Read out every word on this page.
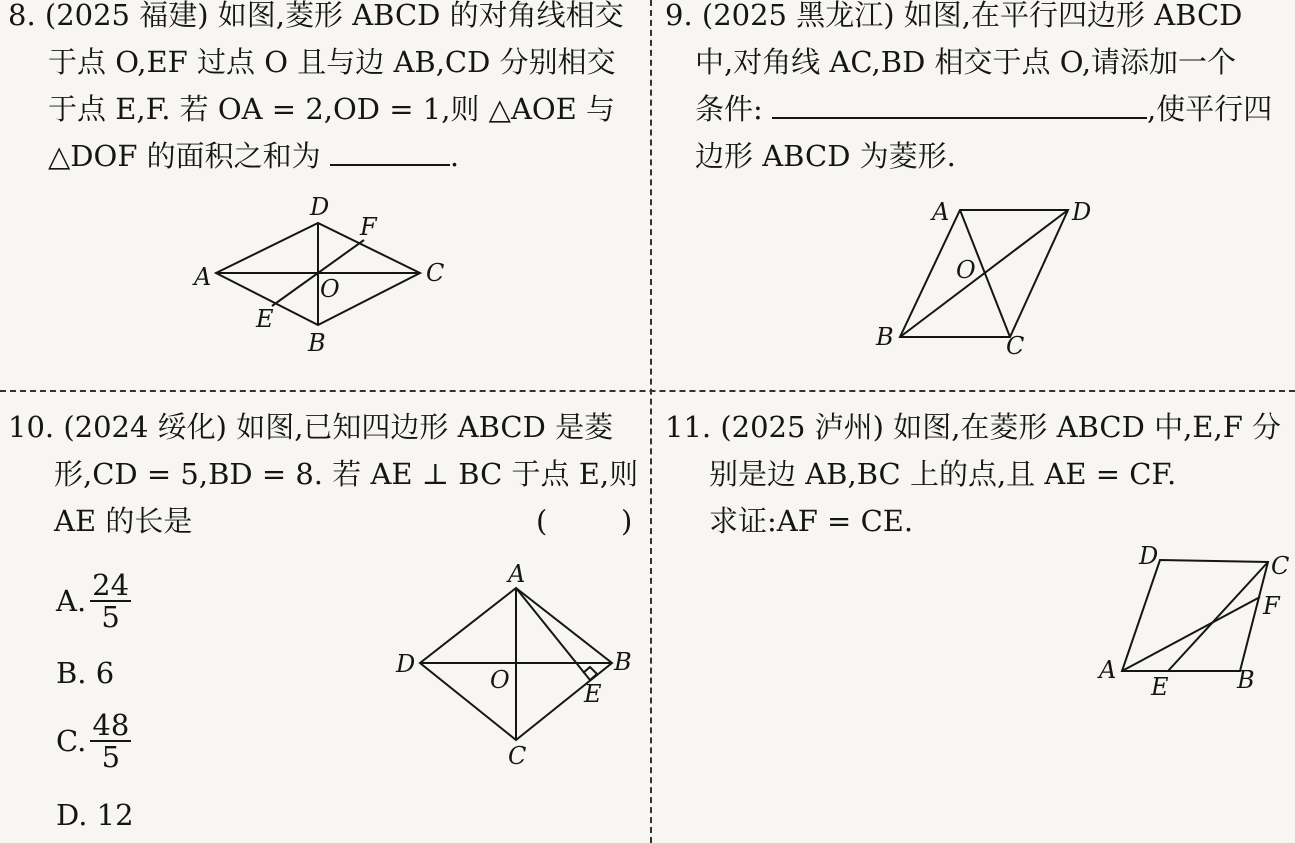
8. (2025 福建) 如图,菱形 ABCD 的对角线相交
于点 O,EF 过点 O 且与边 AB,CD 分别相交
于点 E,F. 若 OA = 2,OD = 1,则 △AOE 与
△DOF 的面积之和为	.
D
F
A	C
O
E
B
9. (2025 黑龙江) 如图,在平行四边形 ABCD
中,对角线 AC,BD 相交于点 O,请添加一个
条件:	,使平行四
边形 ABCD 为菱形.
A	D
O
B	C
10. (2024 绥化) 如图,已知四边形 ABCD 是菱
形,CD = 5,BD = 8. 若 AE ⊥ BC 于点 E,则
AE 的长是	(        )
A. $\frac{24}{5}$
B. 6
C. $\frac{48}{5}$
D. 12
A
D	B
O	E
C
11. (2025 泸州) 如图,在菱形 ABCD 中,E,F 分
别是边 AB,BC 上的点,且 AE = CF.
求证:AF = CE.
D	C
F
A
E	B
